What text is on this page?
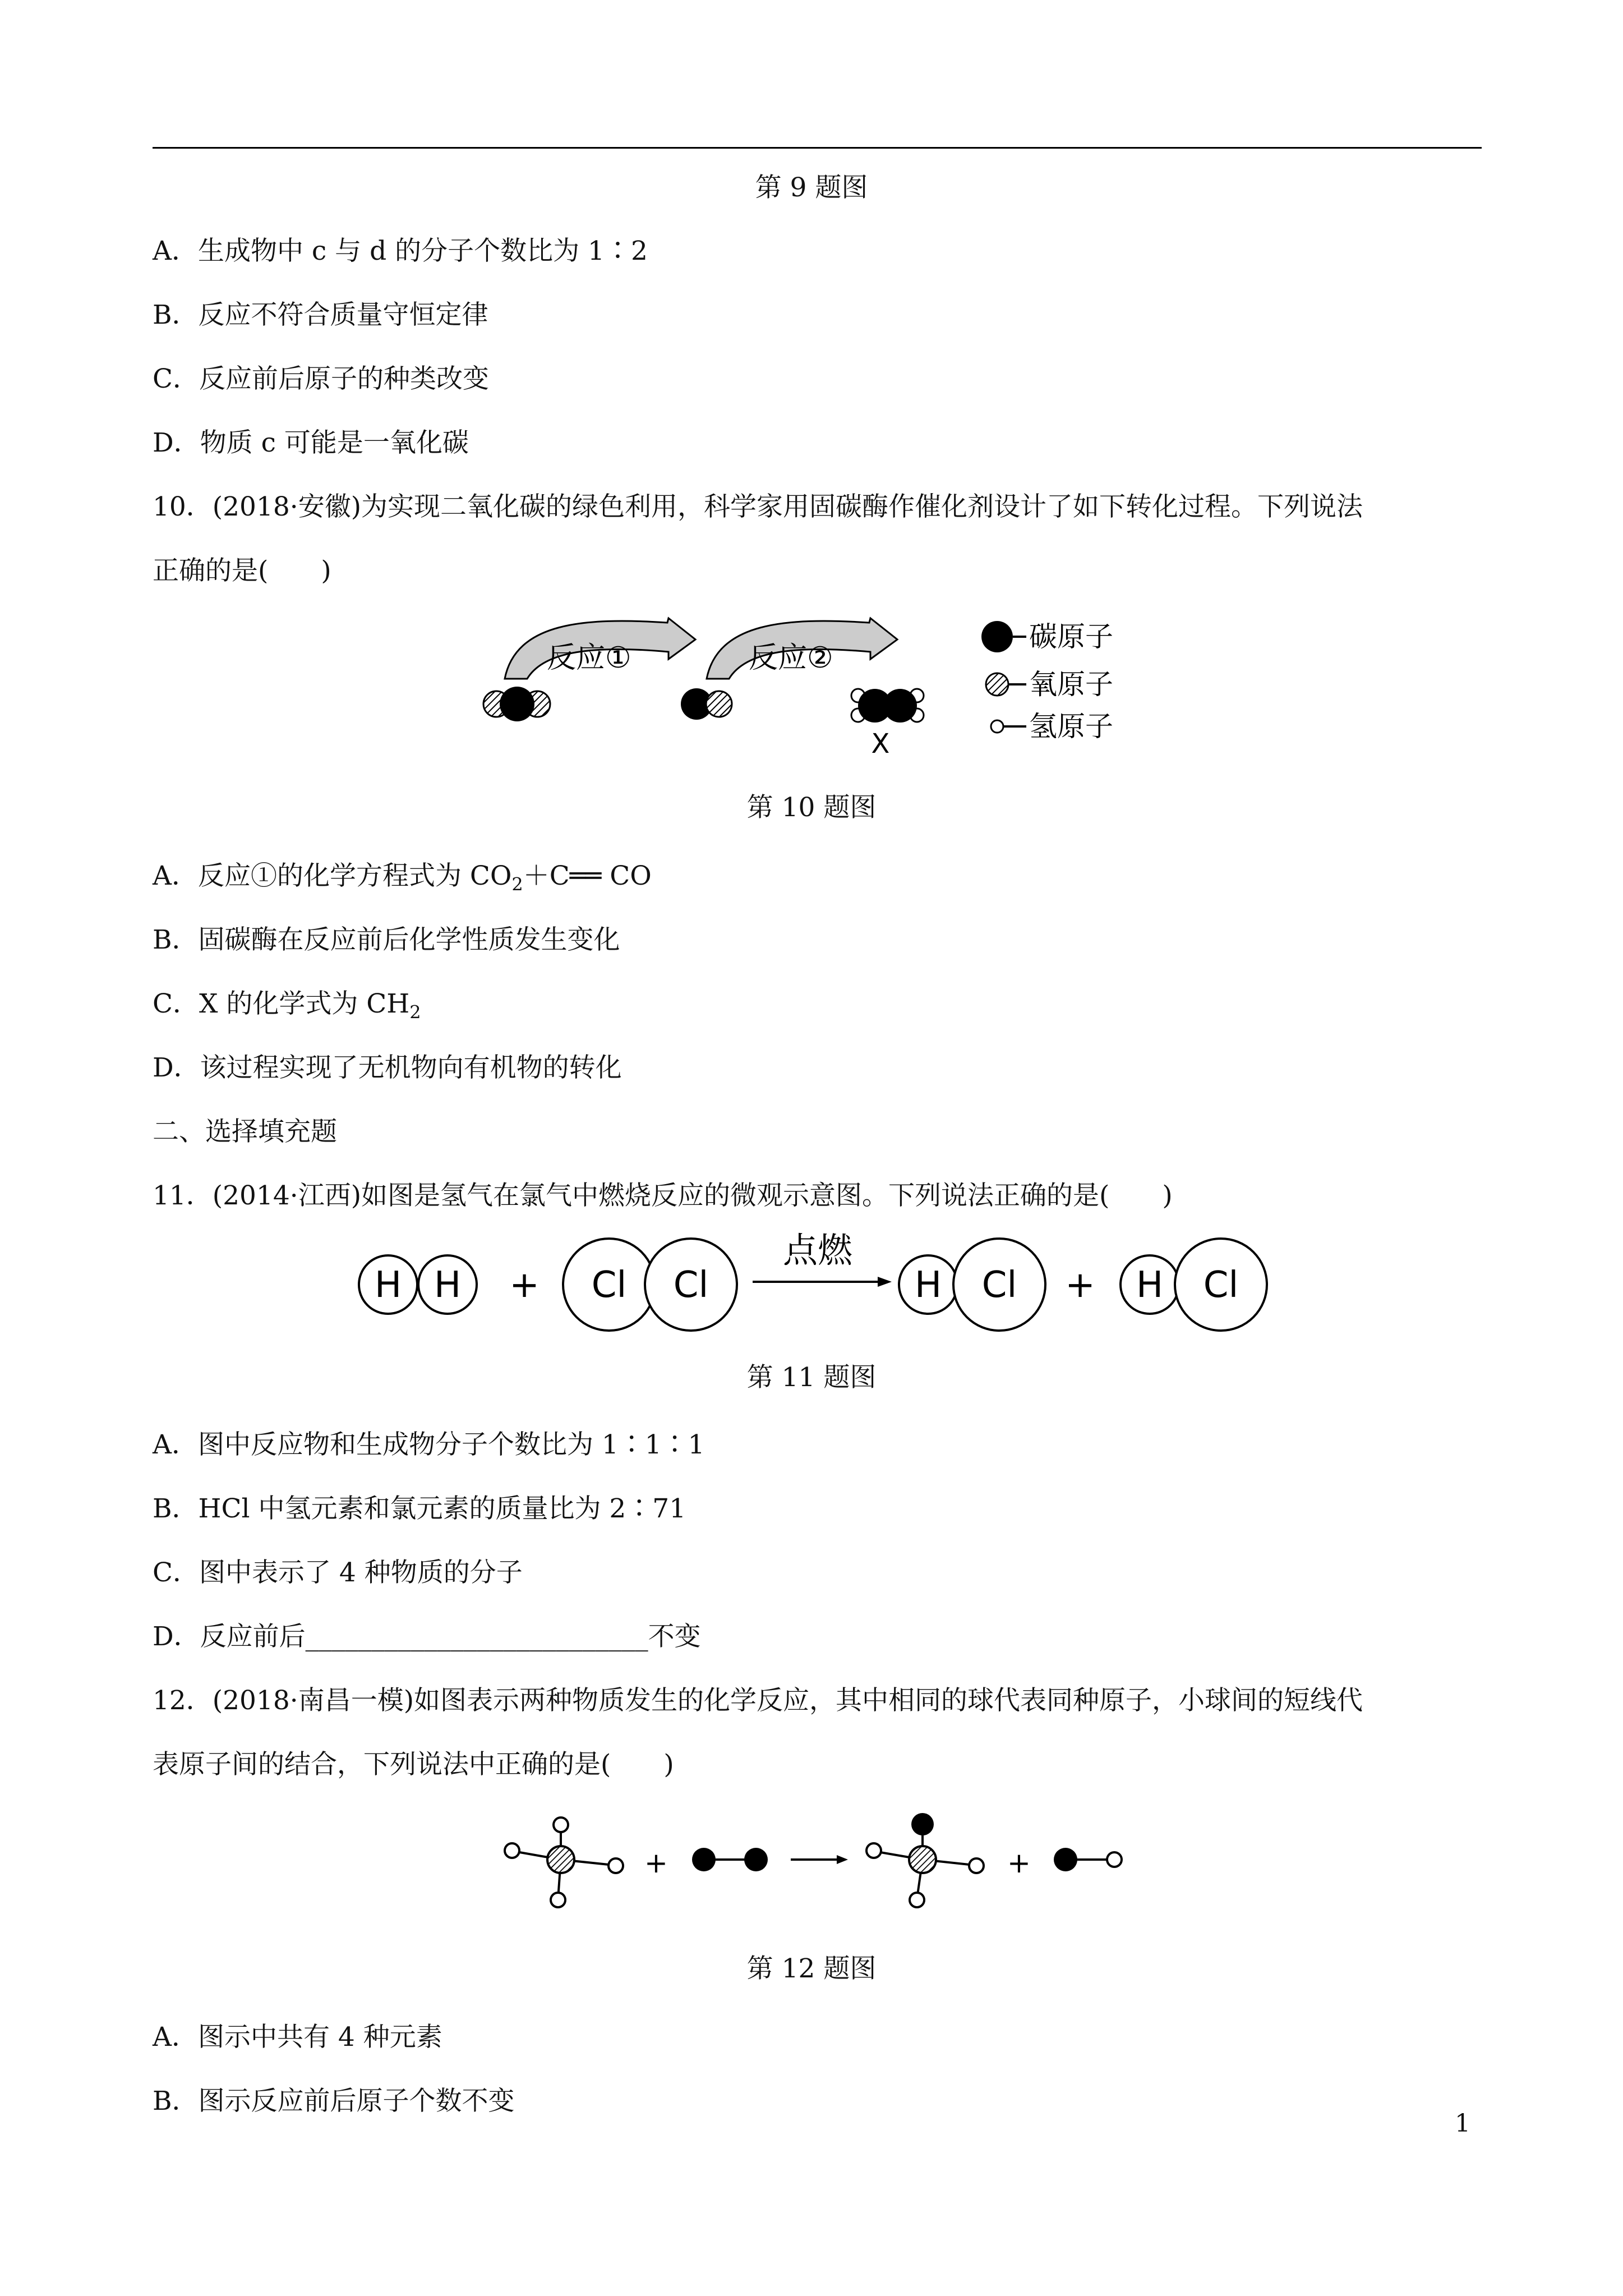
第 9 题图
A．生成物中 c 与 d 的分子个数比为 1∶2
B．反应不符合质量守恒定律
C．反应前后原子的种类改变
D．物质 c 可能是一氧化碳
10．(2018·安徽)为实现二氧化碳的绿色利用，科学家用固碳酶作催化剂设计了如下转化过程。下列说法
正确的是(　　)
反应①	反应②
X
碳原子
氧原子
氢原子
第 10 题图
A．反应①的化学方程式为 $CO_2+C══$ CO
B．固碳酶在反应前后化学性质发生变化
C．X 的化学式为 $CH_2$
D．该过程实现了无机物向有机物的转化
二、选择填充题
11．(2014·江西)如图是氢气在氯气中燃烧反应的微观示意图。下列说法正确的是(　　)
H H + Cl Cl	H Cl + H Cl
点燃
第 11 题图
A．图中反应物和生成物分子个数比为 1∶1∶1
B．HCl 中氢元素和氯元素的质量比为 2∶71
C．图中表示了 4 种物质的分子
D．反应前后__________________________不变
12．(2018·南昌一模)如图表示两种物质发生的化学反应，其中相同的球代表同种原子，小球间的短线代
表原子间的结合，下列说法中正确的是(　　)
+	+
第 12 题图
A．图示中共有 4 种元素
B．图示反应前后原子个数不变
1
